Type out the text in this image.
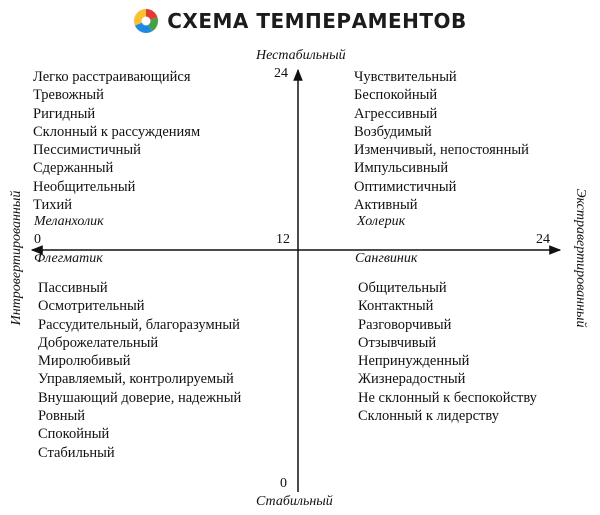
СХЕМА ТЕМПЕРАМЕНТОВ
Нестабильный
Стабильный
Интровертированный	Экстравертированный
24
12
0	24
0
Легко расстраивающийся
Тревожный
Ригидный
Склонный к рассуждениям
Пессимистичный
Сдержанный
Необщительный
Тихий
Меланхолик
Чувствительный
Беспокойный
Агрессивный
Возбудимый
Изменчивый, непостоянный
Импульсивный
Оптимистичный
Активный
Холерик
Флегматик
Пассивный
Осмотрительный
Рассудительный, благоразумный
Доброжелательный
Миролюбивый
Управляемый, контролируемый
Внушающий доверие, надежный
Ровный
Спокойный
Стабильный
Сангвиник
Общительный
Контактный
Разговорчивый
Отзывчивый
Непринужденный
Жизнерадостный
Не склонный к беспокойству
Склонный к лидерству
